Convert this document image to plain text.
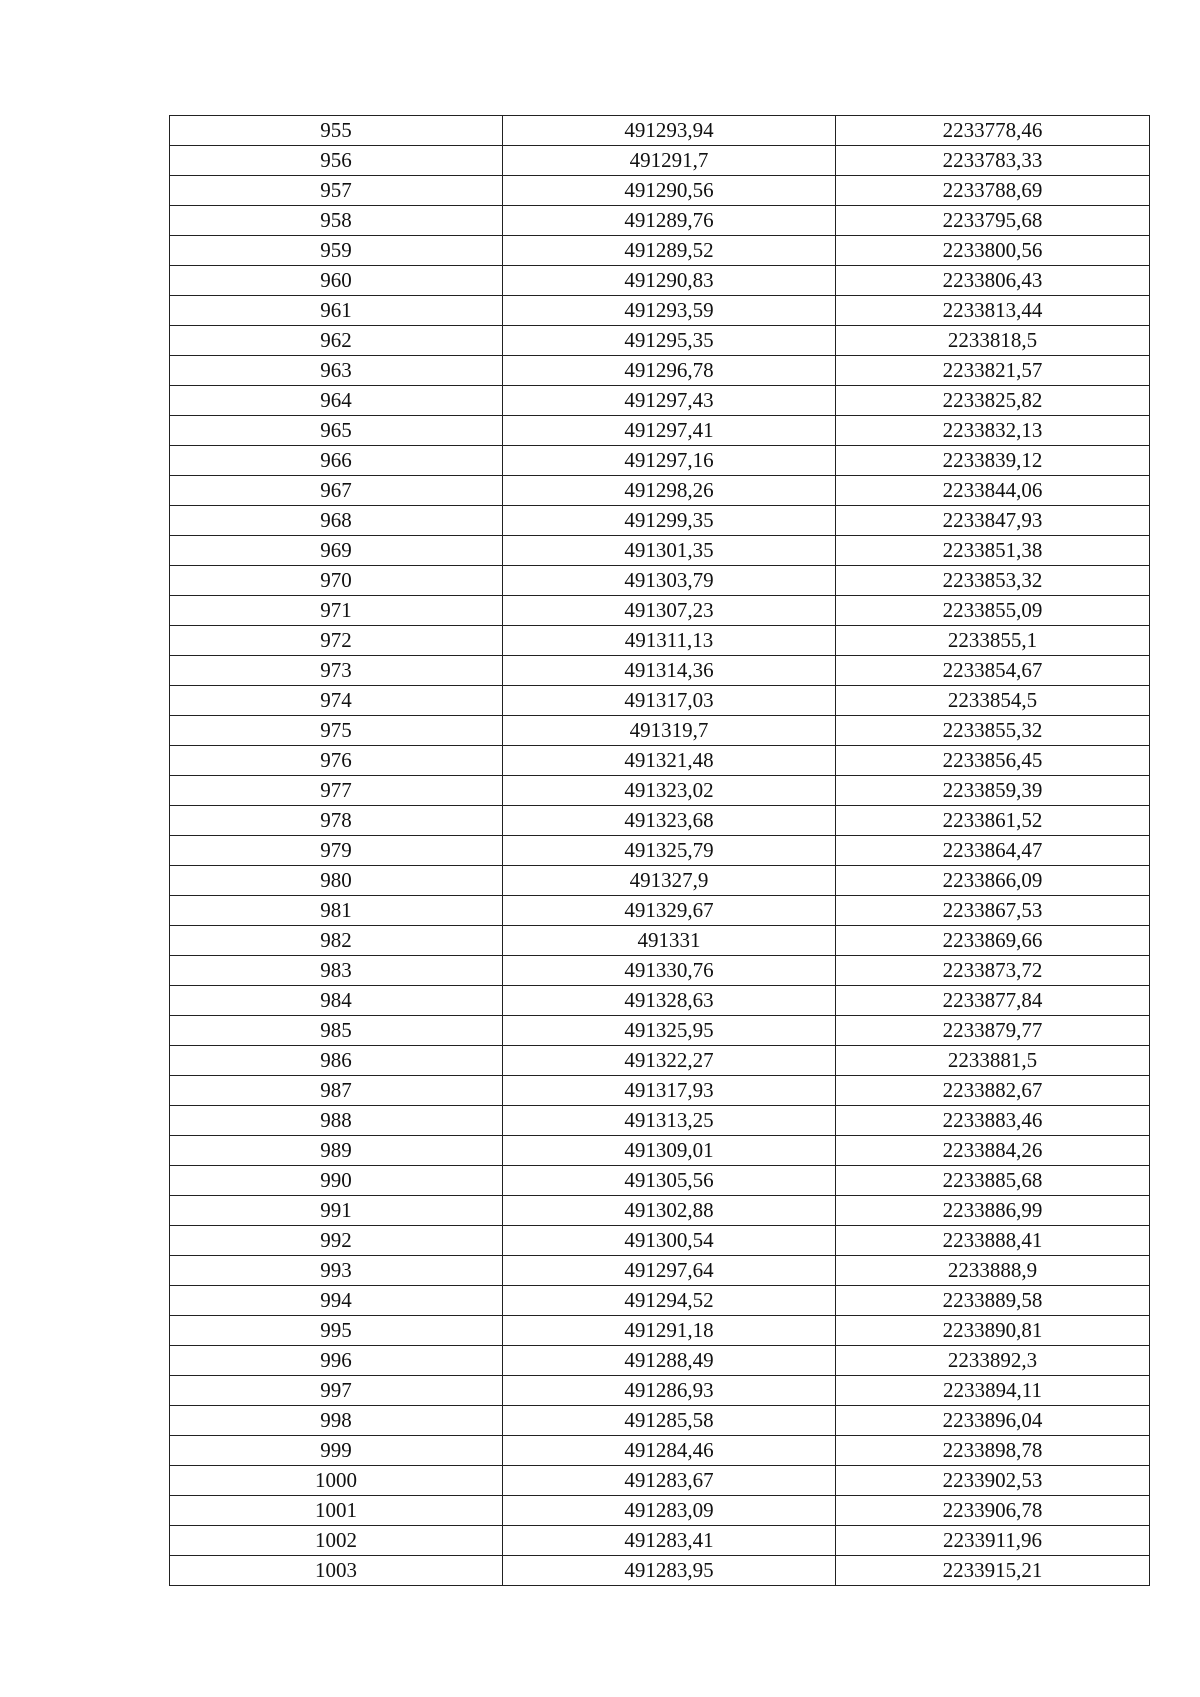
955	491293,94	2233778,46
956	491291,7	2233783,33
957	491290,56	2233788,69
958	491289,76	2233795,68
959	491289,52	2233800,56
960	491290,83	2233806,43
961	491293,59	2233813,44
962	491295,35	2233818,5
963	491296,78	2233821,57
964	491297,43	2233825,82
965	491297,41	2233832,13
966	491297,16	2233839,12
967	491298,26	2233844,06
968	491299,35	2233847,93
969	491301,35	2233851,38
970	491303,79	2233853,32
971	491307,23	2233855,09
972	491311,13	2233855,1
973	491314,36	2233854,67
974	491317,03	2233854,5
975	491319,7	2233855,32
976	491321,48	2233856,45
977	491323,02	2233859,39
978	491323,68	2233861,52
979	491325,79	2233864,47
980	491327,9	2233866,09
981	491329,67	2233867,53
982	491331	2233869,66
983	491330,76	2233873,72
984	491328,63	2233877,84
985	491325,95	2233879,77
986	491322,27	2233881,5
987	491317,93	2233882,67
988	491313,25	2233883,46
989	491309,01	2233884,26
990	491305,56	2233885,68
991	491302,88	2233886,99
992	491300,54	2233888,41
993	491297,64	2233888,9
994	491294,52	2233889,58
995	491291,18	2233890,81
996	491288,49	2233892,3
997	491286,93	2233894,11
998	491285,58	2233896,04
999	491284,46	2233898,78
1000	491283,67	2233902,53
1001	491283,09	2233906,78
1002	491283,41	2233911,96
1003	491283,95	2233915,21
